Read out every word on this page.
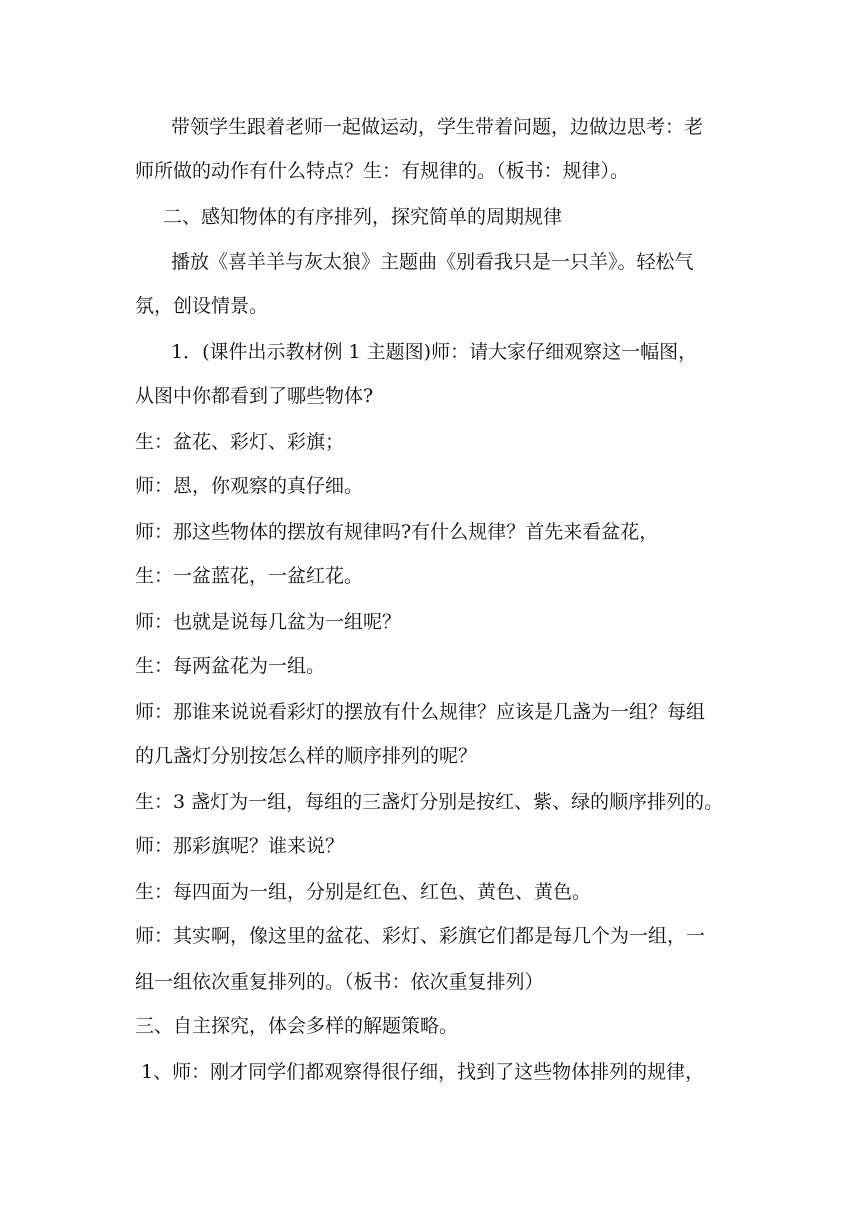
带领学生跟着老师一起做运动，学生带着问题，边做边思考：老
师所做的动作有什么特点？生：有规律的。（板书：规律）。
二、感知物体的有序排列，探究简单的周期规律
播放《喜羊羊与灰太狼》主题曲《别看我只是一只羊》。轻松气
氛，创设情景。
1．(课件出示教材例 1 主题图)师：请大家仔细观察这一幅图，
从图中你都看到了哪些物体?
生：盆花、彩灯、彩旗；
师：恩，你观察的真仔细。
师：那这些物体的摆放有规律吗?有什么规律？首先来看盆花，
生：一盆蓝花，一盆红花。
师：也就是说每几盆为一组呢？
生：每两盆花为一组。
师：那谁来说说看彩灯的摆放有什么规律？应该是几盏为一组？每组
的几盏灯分别按怎么样的顺序排列的呢？
生：3 盏灯为一组，每组的三盏灯分别是按红、紫、绿的顺序排列的。
师：那彩旗呢？谁来说？
生：每四面为一组，分别是红色、红色、黄色、黄色。
师：其实啊，像这里的盆花、彩灯、彩旗它们都是每几个为一组，一
组一组依次重复排列的。（板书：依次重复排列）
三、自主探究，体会多样的解题策略。
1、师：刚才同学们都观察得很仔细，找到了这些物体排列的规律，
